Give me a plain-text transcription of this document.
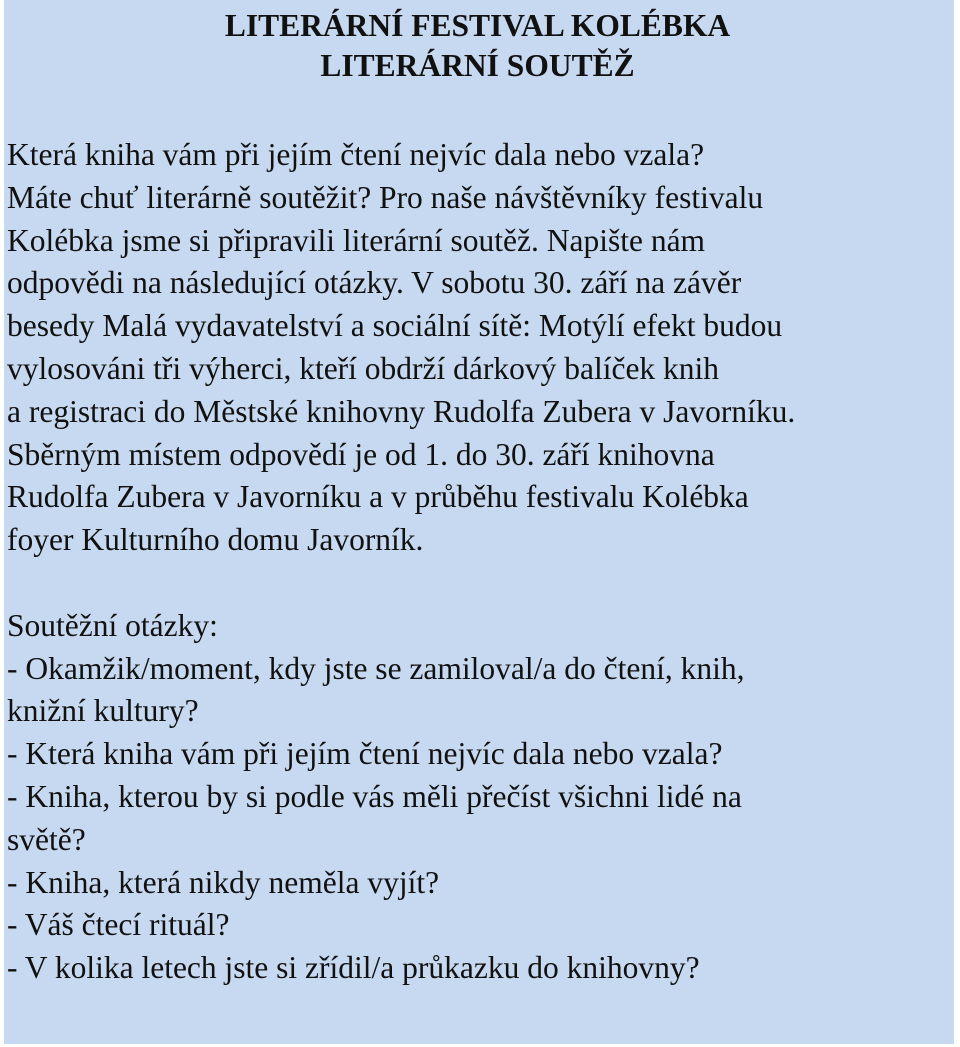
LITERÁRNÍ FESTIVAL KOLÉBKA
LITERÁRNÍ SOUTĚŽ

Která kniha vám při jejím čtení nejvíc dala nebo vzala?
Máte chuť literárně soutěžit? Pro naše návštěvníky festivalu
Kolébka jsme si připravili literární soutěž. Napište nám
odpovědi na následující otázky. V sobotu 30. září na závěr
besedy Malá vydavatelství a sociální sítě: Motýlí efekt budou
vylosováni tři výherci, kteří obdrží dárkový balíček knih
a registraci do Městské knihovny Rudolfa Zubera v Javorníku.
Sběrným místem odpovědí je od 1. do 30. září knihovna
Rudolfa Zubera v Javorníku a v průběhu festivalu Kolébka
foyer Kulturního domu Javorník.

Soutěžní otázky:
- Okamžik/moment, kdy jste se zamiloval/a do čtení, knih,
knižní kultury?
- Která kniha vám při jejím čtení nejvíc dala nebo vzala?
- Kniha, kterou by si podle vás měli přečíst všichni lidé na
světě?
- Kniha, která nikdy neměla vyjít?
- Váš čtecí rituál?
- V kolika letech jste si zřídil/a průkazku do knihovny?
